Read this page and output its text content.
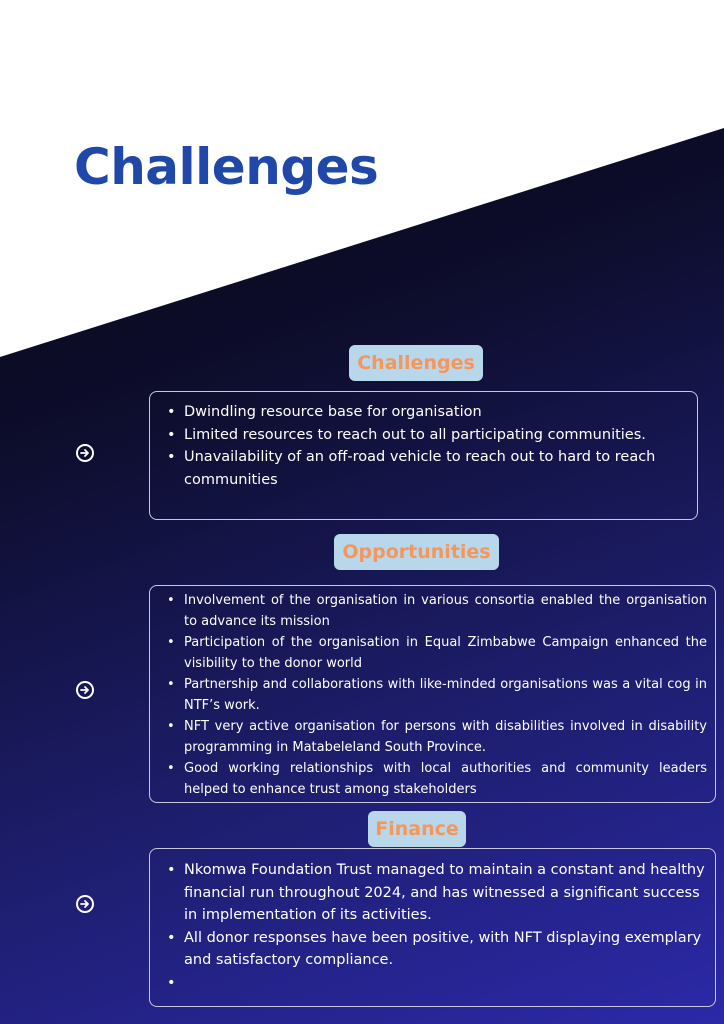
Challenges
Challenges
• Dwindling resource base for organisation
• Limited resources to reach out to all participating communities.
• Unavailability of an off-road vehicle to reach out to hard to reach communities
Opportunities
• Involvement of the organisation in various consortia enabled the organisation to advance its mission
• Participation of the organisation in Equal Zimbabwe Campaign enhanced the visibility to the donor world
• Partnership and collaborations with like-minded organisations was a vital cog in NTF’s work.
• NFT very active organisation for persons with disabilities involved in disability programming in Matabeleland South Province.
• Good working relationships with local authorities and community leaders helped to enhance trust among stakeholders
Finance
• Nkomwa Foundation Trust managed to maintain a constant and healthy financial run throughout 2024, and has witnessed a significant success in implementation of its activities.
• All donor responses have been positive, with NFT displaying exemplary and satisfactory compliance.
•
